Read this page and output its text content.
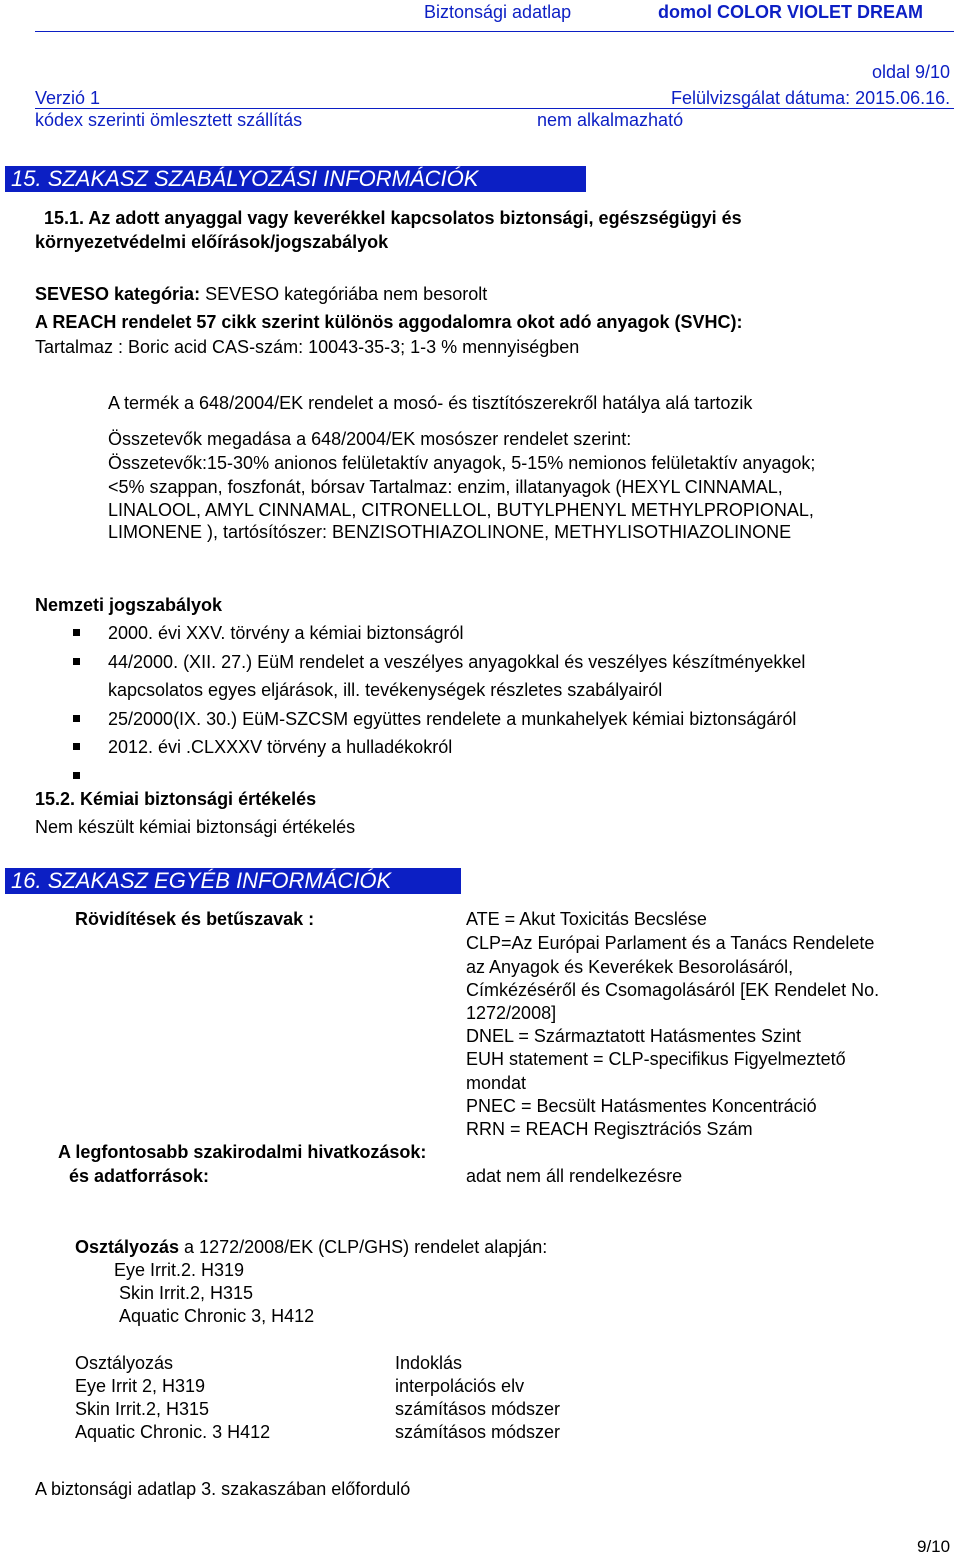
Biztonsági adatlap	domol COLOR VIOLET DREAM
oldal 9/10
Verzió 1	Felülvizsgálat dátuma: 2015.06.16.
kódex szerinti ömlesztett szállítás	nem alkalmazható
15. SZAKASZ SZABÁLYOZÁSI INFORMÁCIÓK
15.1. Az adott anyaggal vagy keverékkel kapcsolatos biztonsági, egészségügyi és
környezetvédelmi előírások/jogszabályok
SEVESO kategória: SEVESO kategóriába nem besorolt
A REACH rendelet 57 cikk szerint különös aggodalomra okot adó anyagok (SVHC):
Tartalmaz : Boric acid CAS-szám: 10043-35-3; 1-3 % mennyiségben
A termék a 648/2004/EK rendelet a mosó- és tisztítószerekről hatálya alá tartozik
Összetevők megadása a 648/2004/EK mosószer rendelet szerint:
Összetevők:15-30% anionos felületaktív anyagok, 5-15% nemionos felületaktív anyagok;
<5% szappan, foszfonát, bórsav Tartalmaz: enzim, illatanyagok (HEXYL CINNAMAL,
LINALOOL, AMYL CINNAMAL, CITRONELLOL, BUTYLPHENYL METHYLPROPIONAL,
LIMONENE ), tartósítószer: BENZISOTHIAZOLINONE, METHYLISOTHIAZOLINONE
Nemzeti jogszabályok
2000. évi XXV. törvény a kémiai biztonságról
44/2000. (XII. 27.) EüM rendelet a veszélyes anyagokkal és veszélyes készítményekkel
kapcsolatos egyes eljárások, ill. tevékenységek részletes szabályairól
25/2000(IX. 30.) EüM-SZCSM együttes rendelete a munkahelyek kémiai biztonságáról
2012. évi .CLXXXV törvény a hulladékokról
15.2. Kémiai biztonsági értékelés
Nem készült kémiai biztonsági értékelés
16. SZAKASZ EGYÉB INFORMÁCIÓK
Rövidítések és betűszavak :	ATE = Akut Toxicitás Becslése
CLP=Az Európai Parlament és a Tanács Rendelete
az Anyagok és Keverékek Besorolásáról,
Címkézéséről és Csomagolásáról [EK Rendelet No.
1272/2008]
DNEL = Származtatott Hatásmentes Szint
EUH statement = CLP-specifikus Figyelmeztető
mondat
PNEC = Becsült Hatásmentes Koncentráció
RRN = REACH Regisztrációs Szám
A legfontosabb szakirodalmi hivatkozások:
és adatforrások:	adat nem áll rendelkezésre
Osztályozás a 1272/2008/EK (CLP/GHS) rendelet alapján:
Eye Irrit.2. H319
Skin Irrit.2, H315
Aquatic Chronic 3, H412
Osztályozás	Indoklás
Eye Irrit 2, H319	interpolációs elv
Skin Irrit.2, H315	számításos módszer
Aquatic Chronic. 3 H412	számításos módszer
A biztonsági adatlap 3. szakaszában előforduló
9/10
